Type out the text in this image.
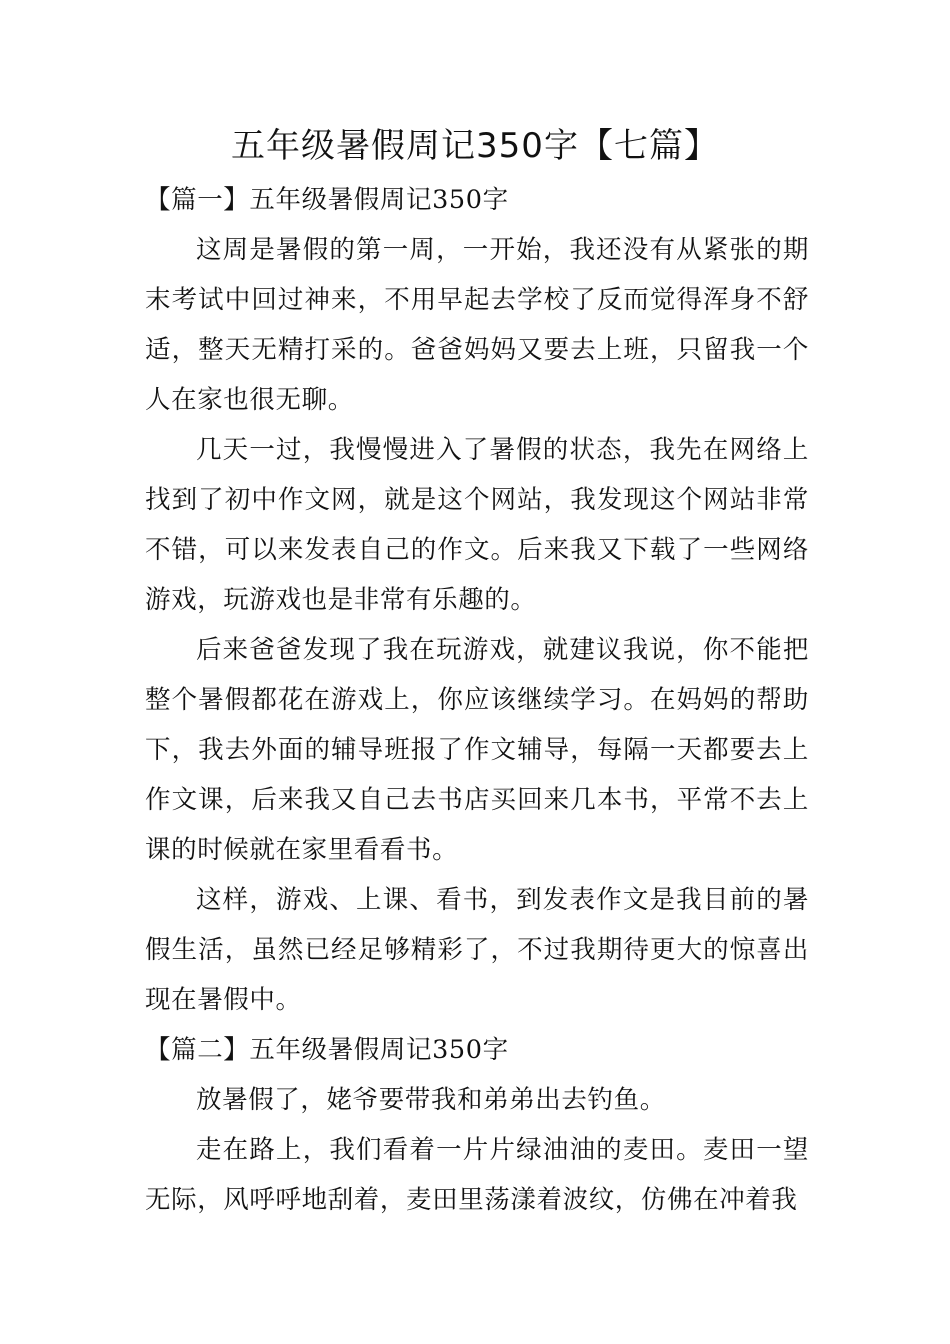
五年级暑假周记350字【七篇】
【篇一】五年级暑假周记350字

这周是暑假的第一周，一开始，我还没有从紧张的期末考试中回过神来，不用早起去学校了反而觉得浑身不舒适，整天无精打采的。爸爸妈妈又要去上班，只留我一个人在家也很无聊。

几天一过，我慢慢进入了暑假的状态，我先在网络上找到了初中作文网，就是这个网站，我发现这个网站非常不错，可以来发表自己的作文。后来我又下载了一些网络游戏，玩游戏也是非常有乐趣的。

后来爸爸发现了我在玩游戏，就建议我说，你不能把整个暑假都花在游戏上，你应该继续学习。在妈妈的帮助下，我去外面的辅导班报了作文辅导，每隔一天都要去上作文课，后来我又自己去书店买回来几本书，平常不去上课的时候就在家里看看书。

这样，游戏、上课、看书，到发表作文是我目前的暑假生活，虽然已经足够精彩了，不过我期待更大的惊喜出现在暑假中。

【篇二】五年级暑假周记350字

放暑假了，姥爷要带我和弟弟出去钓鱼。

走在路上，我们看着一片片绿油油的麦田。麦田一望无际，风呼呼地刮着，麦田里荡漾着波纹，仿佛在冲着我
